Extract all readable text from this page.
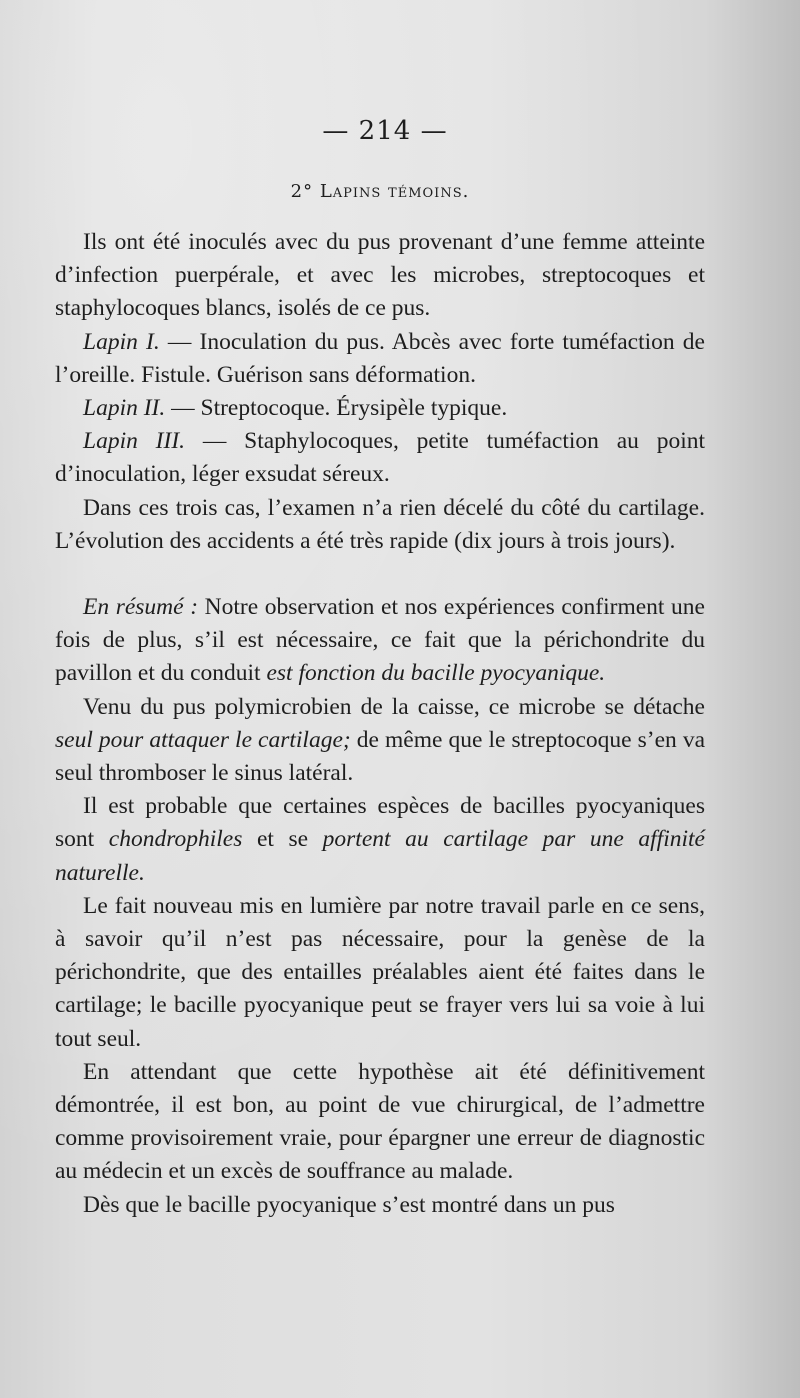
— 214 —
2° Lapins témoins.

Ils ont été inoculés avec du pus provenant d’une femme atteinte d’infection puerpérale, et avec les microbes, streptocoques et staphylocoques blancs, isolés de ce pus.

Lapin I. — Inoculation du pus. Abcès avec forte tuméfaction de l’oreille. Fistule. Guérison sans déformation.

Lapin II. — Streptocoque. Érysipèle typique.

Lapin III. — Staphylocoques, petite tuméfaction au point d’inoculation, léger exsudat séreux.

Dans ces trois cas, l’examen n’a rien décelé du côté du cartilage. L’évolution des accidents a été très rapide (dix jours à trois jours).

En résumé : Notre observation et nos expériences confirment une fois de plus, s’il est nécessaire, ce fait que la périchondrite du pavillon et du conduit est fonction du bacille pyocyanique.

Venu du pus polymicrobien de la caisse, ce microbe se détache seul pour attaquer le cartilage; de même que le streptocoque s’en va seul thromboser le sinus latéral.

Il est probable que certaines espèces de bacilles pyocyaniques sont chondrophiles et se portent au cartilage par une affinité naturelle.

Le fait nouveau mis en lumière par notre travail parle en ce sens, à savoir qu’il n’est pas nécessaire, pour la genèse de la périchondrite, que des entailles préalables aient été faites dans le cartilage; le bacille pyocyanique peut se frayer vers lui sa voie à lui tout seul.

En attendant que cette hypothèse ait été définitivement démontrée, il est bon, au point de vue chirurgical, de l’admettre comme provisoirement vraie, pour épargner une erreur de diagnostic au médecin et un excès de souffrance au malade.

Dès que le bacille pyocyanique s’est montré dans un pus
